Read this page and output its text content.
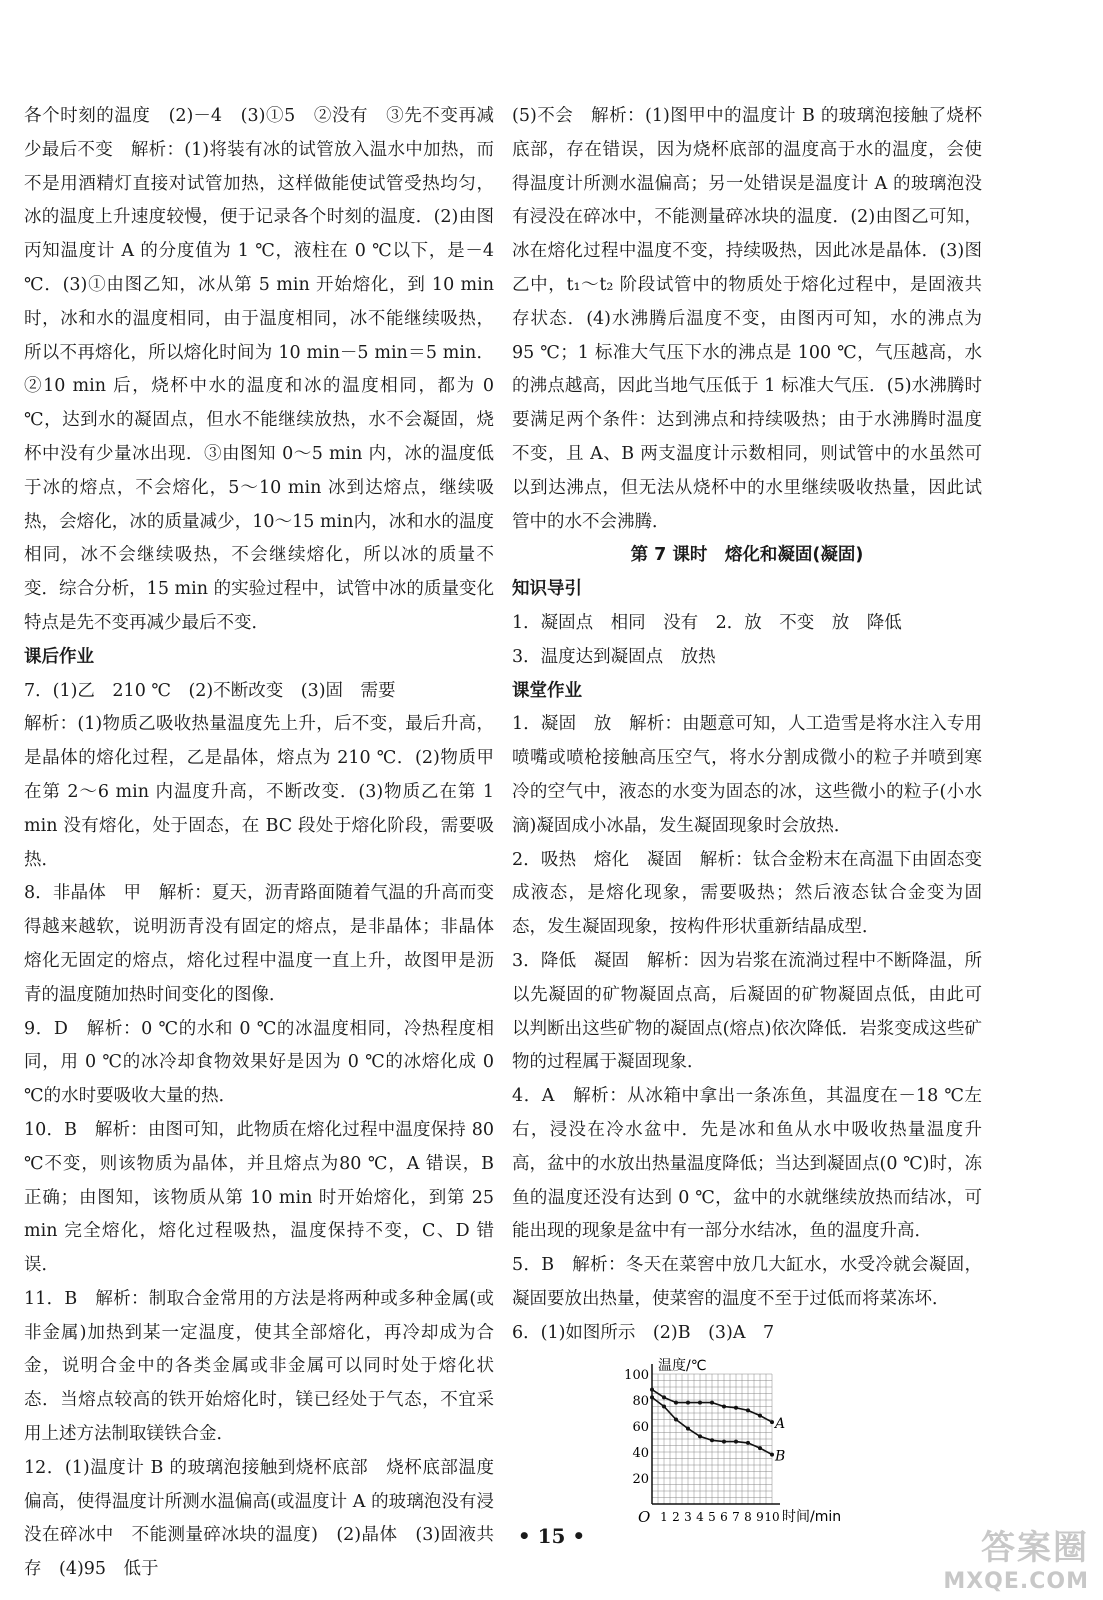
各个时刻的温度　(2)－4　(3)①5　②没有　③先不变再减少最后不变　解析：(1)将装有冰的试管放入温水中加热，而不是用酒精灯直接对试管加热，这样做能使试管受热均匀，冰的温度上升速度较慢，便于记录各个时刻的温度．(2)由图丙知温度计 A 的分度值为 1 ℃，液柱在 0 ℃以下，是－4 ℃．(3)①由图乙知，冰从第 5 min 开始熔化，到 10 min 时，冰和水的温度相同，由于温度相同，冰不能继续吸热，所以不再熔化，所以熔化时间为 10 min－5 min＝5 min．②10 min 后，烧杯中水的温度和冰的温度相同，都为 0 ℃，达到水的凝固点，但水不能继续放热，水不会凝固，烧杯中没有少量冰出现．③由图知 0～5 min 内，冰的温度低于冰的熔点，不会熔化，5～10 min 冰到达熔点，继续吸热，会熔化，冰的质量减少，10～15 min内，冰和水的温度相同，冰不会继续吸热，不会继续熔化，所以冰的质量不变．综合分析，15 min 的实验过程中，试管中冰的质量变化特点是先不变再减少最后不变．

课后作业

7．(1)乙　210 ℃　(2)不断改变　(3)固　需要

解析：(1)物质乙吸收热量温度先上升，后不变，最后升高，是晶体的熔化过程，乙是晶体，熔点为 210 ℃．(2)物质甲在第 2～6 min 内温度升高，不断改变．(3)物质乙在第 1 min 没有熔化，处于固态，在 BC 段处于熔化阶段，需要吸热．

8．非晶体　甲　解析：夏天，沥青路面随着气温的升高而变得越来越软，说明沥青没有固定的熔点，是非晶体；非晶体熔化无固定的熔点，熔化过程中温度一直上升，故图甲是沥青的温度随加热时间变化的图像．

9．D　解析：0 ℃的水和 0 ℃的冰温度相同，冷热程度相同，用 0 ℃的冰冷却食物效果好是因为 0 ℃的冰熔化成 0 ℃的水时要吸收大量的热．

10．B　解析：由图可知，此物质在熔化过程中温度保持 80 ℃不变，则该物质为晶体，并且熔点为80 ℃，A 错误，B 正确；由图知，该物质从第 10 min 时开始熔化，到第 25 min 完全熔化，熔化过程吸热，温度保持不变，C、D 错误．

11．B　解析：制取合金常用的方法是将两种或多种金属(或非金属)加热到某一定温度，使其全部熔化，再冷却成为合金，说明合金中的各类金属或非金属可以同时处于熔化状态．当熔点较高的铁开始熔化时，镁已经处于气态，不宜采用上述方法制取镁铁合金．

12．(1)温度计 B 的玻璃泡接触到烧杯底部　烧杯底部温度偏高，使得温度计所测水温偏高(或温度计 A 的玻璃泡没有浸没在碎冰中　不能测量碎冰块的温度)　(2)晶体　(3)固液共存　(4)95　低于

(5)不会　解析：(1)图甲中的温度计 B 的玻璃泡接触了烧杯底部，存在错误，因为烧杯底部的温度高于水的温度，会使得温度计所测水温偏高；另一处错误是温度计 A 的玻璃泡没有浸没在碎冰中，不能测量碎冰块的温度．(2)由图乙可知，冰在熔化过程中温度不变，持续吸热，因此冰是晶体．(3)图乙中，t₁～t₂ 阶段试管中的物质处于熔化过程中，是固液共存状态．(4)水沸腾后温度不变，由图丙可知，水的沸点为 95 ℃；1 标准大气压下水的沸点是 100 ℃，气压越高，水的沸点越高，因此当地气压低于 1 标准大气压．(5)水沸腾时要满足两个条件：达到沸点和持续吸热；由于水沸腾时温度不变，且 A、B 两支温度计示数相同，则试管中的水虽然可以到达沸点，但无法从烧杯中的水里继续吸收热量，因此试管中的水不会沸腾．

第 7 课时　熔化和凝固(凝固)

知识导引

1．凝固点　相同　没有　2．放　不变　放　降低

3．温度达到凝固点　放热

课堂作业

1．凝固　放　解析：由题意可知，人工造雪是将水注入专用喷嘴或喷枪接触高压空气，将水分割成微小的粒子并喷到寒冷的空气中，液态的水变为固态的冰，这些微小的粒子(小水滴)凝固成小冰晶，发生凝固现象时会放热．

2．吸热　熔化　凝固　解析：钛合金粉末在高温下由固态变成液态，是熔化现象，需要吸热；然后液态钛合金变为固态，发生凝固现象，按构件形状重新结晶成型．

3．降低　凝固　解析：因为岩浆在流淌过程中不断降温，所以先凝固的矿物凝固点高，后凝固的矿物凝固点低，由此可以判断出这些矿物的凝固点(熔点)依次降低．岩浆变成这些矿物的过程属于凝固现象．

4．A　解析：从冰箱中拿出一条冻鱼，其温度在－18 ℃左右，浸没在冷水盆中．先是冰和鱼从水中吸收热量温度升高，盆中的水放出热量温度降低；当达到凝固点(0 ℃)时，冻鱼的温度还没有达到 0 ℃，盆中的水就继续放热而结冰，可能出现的现象是盆中有一部分水结冰，鱼的温度升高．

5．B　解析：冬天在菜窖中放几大缸水，水受冷就会凝固，凝固要放出热量，使菜窖的温度不至于过低而将菜冻坏．

6．(1)如图所示　(2)B　(3)A　7

20
40
60
80
100
1 2 3 4 5 6 7 8 9 10
O
温度/℃
时间/min
A
B
• 15 •	答案圈
MXQE.COM
